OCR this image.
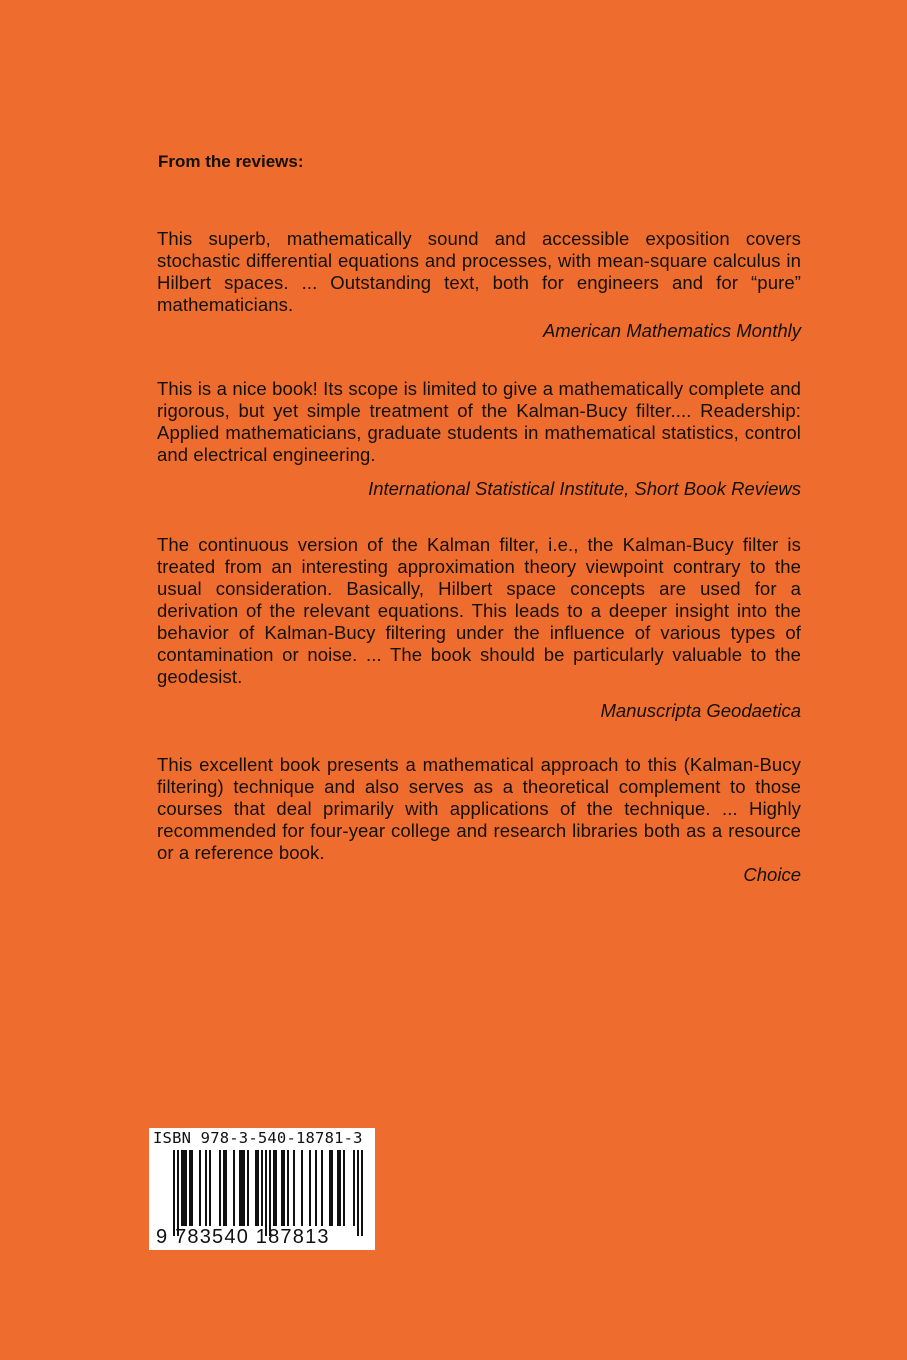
From the reviews:

This superb, mathematically sound and accessible exposition covers stochastic differential equations and processes, with mean-square calculus in Hilbert spaces. ... Outstanding text, both for engineers and for “pure” mathematicians.

American Mathematics Monthly

This is a nice book! Its scope is limited to give a mathematically complete and rigorous, but yet simple treatment of the Kalman-Bucy filter.... Readership: Applied mathematicians, graduate students in mathematical statistics, control and electrical engineering.

International Statistical Institute, Short Book Reviews

The continuous version of the Kalman filter, i.e., the Kalman-Bucy filter is treated from an interesting approximation theory viewpoint contrary to the usual consideration. Basically, Hilbert space concepts are used for a derivation of the relevant equations. This leads to a deeper insight into the behavior of Kalman-Bucy filtering under the influence of various types of contamination or noise. ... The book should be particularly valuable to the geodesist.

Manuscripta Geodaetica

This excellent book presents a mathematical approach to this (Kalman-Bucy filtering) technique and also serves as a theoretical complement to those courses that deal primarily with applications of the technique. ... Highly recommended for four-year college and research libraries both as a resource or a reference book.

Choice

ISBN 978-3-540-18781-3
9 783540 187813
